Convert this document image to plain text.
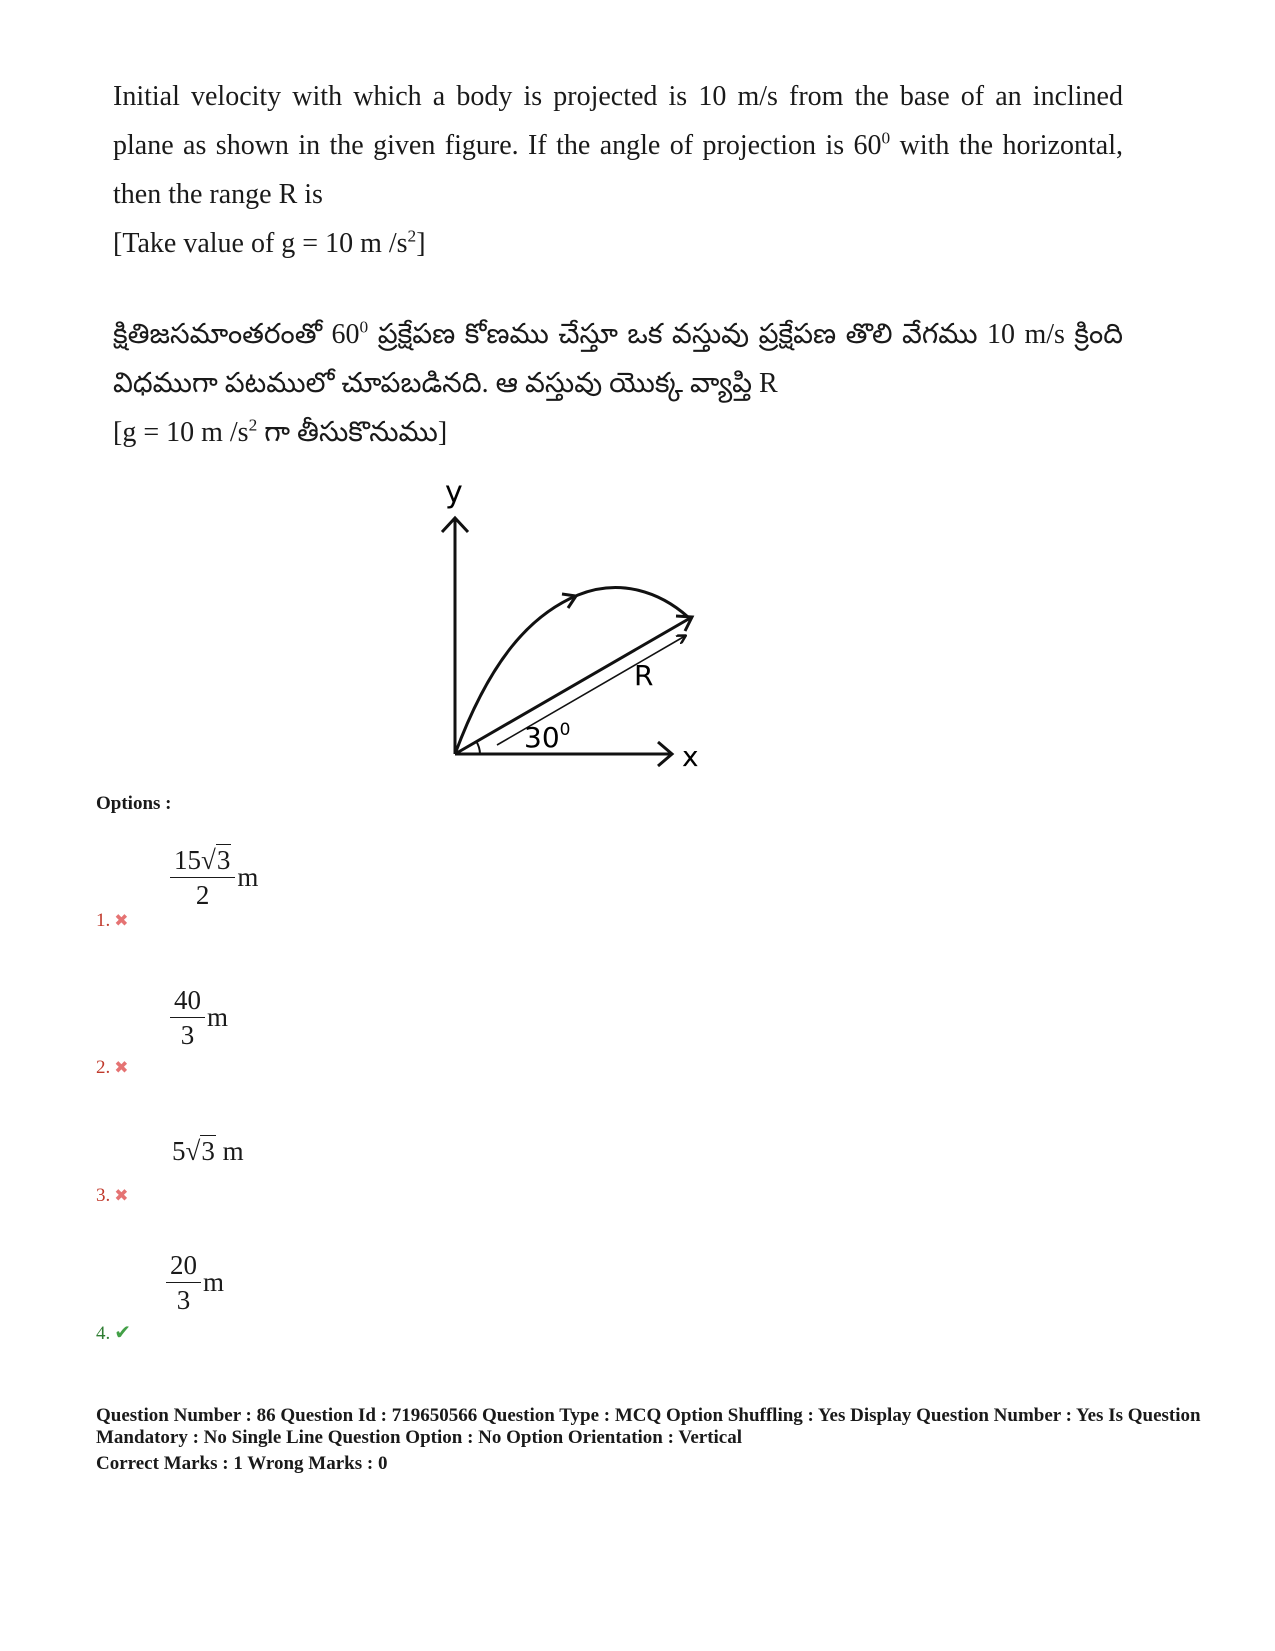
Initial velocity with which a body is projected is 10 m/s from the base of an inclined plane as shown in the given figure. If the angle of projection is $60^0$ with the horizontal, then the range R is

[Take value of g = 10 m $/s^2$]

క్షితిజసమాంతరంతో $60^0$ ప్రక్షేపణ కోణము చేస్తూ ఒక వస్తువు ప్రక్షేపణ తొలి వేగము 10 m/s క్రింది విధముగా పటములో చూపబడినది. ఆ వస్తువు యొక్క వ్యాప్తి R

[g = 10 m $/s^2$ గా తీసుకొనుము]

y
x
R
$30^0$
Options :
$\frac{15√3}{2}$ m
1. ✖
$\frac{40}{3}$ m
2. ✖
5√3 m
3. ✖
$\frac{20}{3}$ m
4. ✔

Question Number : 86 Question Id : 719650566 Question Type : MCQ Option Shuffling : Yes Display Question Number : Yes Is Question Mandatory : No Single Line Question Option : No Option Orientation : Vertical

Correct Marks : 1 Wrong Marks : 0
